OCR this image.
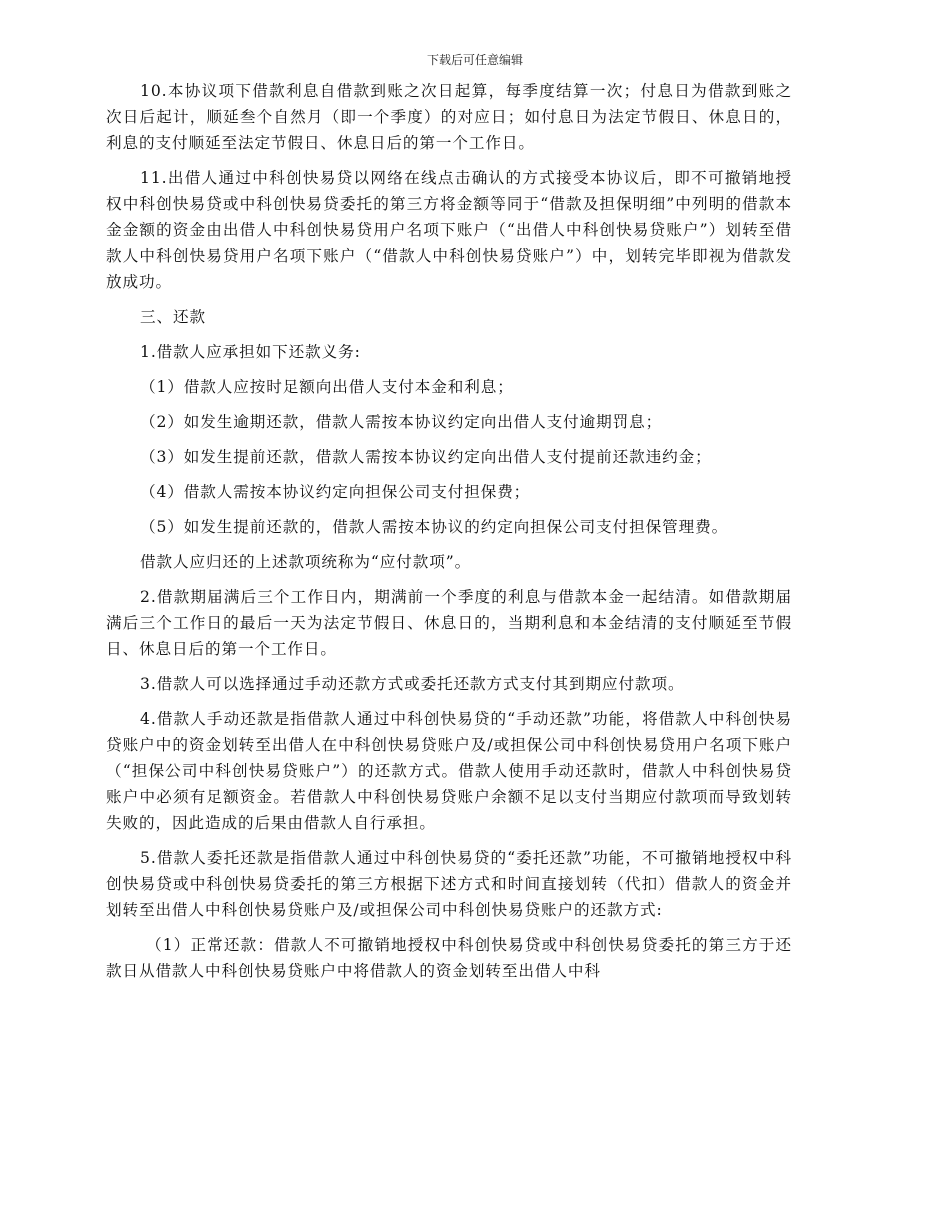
下载后可任意编辑

10.本协议项下借款利息自借款到账之次日起算，每季度结算一次；付息日为借款到账之次日后起计，顺延叁个自然月（即一个季度）的对应日；如付息日为法定节假日、休息日的，利息的支付顺延至法定节假日、休息日后的第一个工作日。

11.出借人通过中科创快易贷以网络在线点击确认的方式接受本协议后，即不可撤销地授权中科创快易贷或中科创快易贷委托的第三方将金额等同于“借款及担保明细”中列明的借款本金金额的资金由出借人中科创快易贷用户名项下账户（“出借人中科创快易贷账户”）划转至借款人中科创快易贷用户名项下账户（“借款人中科创快易贷账户”）中，划转完毕即视为借款发放成功。

三、还款

1.借款人应承担如下还款义务:

（1）借款人应按时足额向出借人支付本金和利息；

（2）如发生逾期还款，借款人需按本协议约定向出借人支付逾期罚息；

（3）如发生提前还款，借款人需按本协议约定向出借人支付提前还款违约金；

（4）借款人需按本协议约定向担保公司支付担保费；

（5）如发生提前还款的，借款人需按本协议的约定向担保公司支付担保管理费。

借款人应归还的上述款项统称为“应付款项”。

2.借款期届满后三个工作日内，期满前一个季度的利息与借款本金一起结清。如借款期届满后三个工作日的最后一天为法定节假日、休息日的，当期利息和本金结清的支付顺延至节假日、休息日后的第一个工作日。

3.借款人可以选择通过手动还款方式或委托还款方式支付其到期应付款项。

4.借款人手动还款是指借款人通过中科创快易贷的“手动还款”功能，将借款人中科创快易贷账户中的资金划转至出借人在中科创快易贷账户及/或担保公司中科创快易贷用户名项下账户（“担保公司中科创快易贷账户”）的还款方式。借款人使用手动还款时，借款人中科创快易贷账户中必须有足额资金。若借款人中科创快易贷账户余额不足以支付当期应付款项而导致划转失败的，因此造成的后果由借款人自行承担。

5.借款人委托还款是指借款人通过中科创快易贷的“委托还款”功能，不可撤销地授权中科创快易贷或中科创快易贷委托的第三方根据下述方式和时间直接划转（代扣）借款人的资金并划转至出借人中科创快易贷账户及/或担保公司中科创快易贷账户的还款方式:

（1）正常还款：借款人不可撤销地授权中科创快易贷或中科创快易贷委托的第三方于还款日从借款人中科创快易贷账户中将借款人的资金划转至出借人中科
